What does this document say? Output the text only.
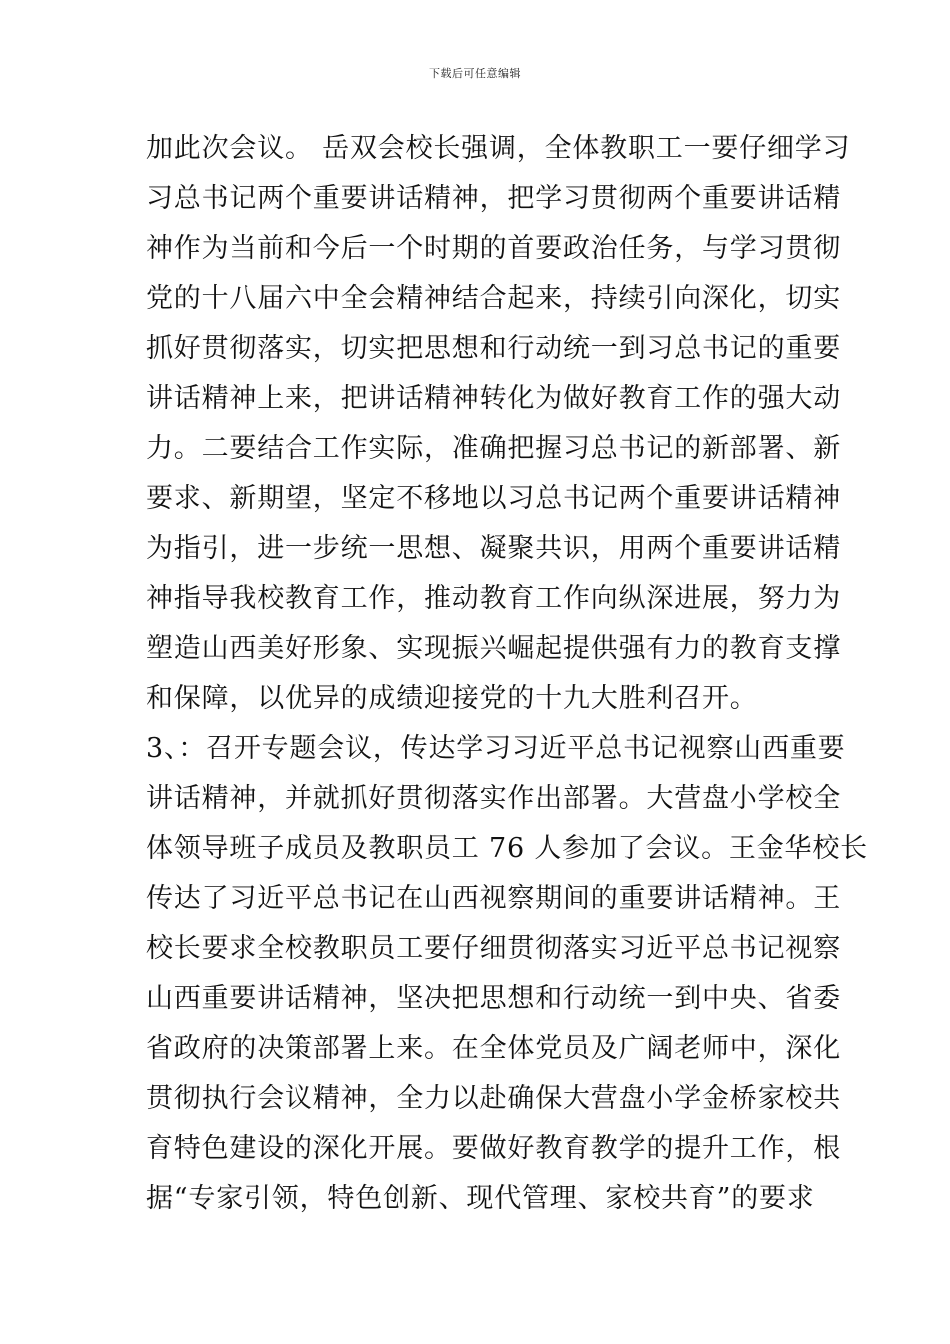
下载后可任意编辑
加此次会议。 岳双会校长强调，全体教职工一要仔细学习
习总书记两个重要讲话精神，把学习贯彻两个重要讲话精
神作为当前和今后一个时期的首要政治任务，与学习贯彻
党的十八届六中全会精神结合起来，持续引向深化，切实
抓好贯彻落实，切实把思想和行动统一到习总书记的重要
讲话精神上来，把讲话精神转化为做好教育工作的强大动
力。二要结合工作实际，准确把握习总书记的新部署、新
要求、新期望，坚定不移地以习总书记两个重要讲话精神
为指引，进一步统一思想、凝聚共识，用两个重要讲话精
神指导我校教育工作，推动教育工作向纵深进展，努力为
塑造山西美好形象、实现振兴崛起提供强有力的教育支撑
和保障，以优异的成绩迎接党的十九大胜利召开。
3、：召开专题会议，传达学习习近平总书记视察山西重要
讲话精神，并就抓好贯彻落实作出部署。大营盘小学校全
体领导班子成员及教职员工 76 人参加了会议。王金华校长
传达了习近平总书记在山西视察期间的重要讲话精神。王
校长要求全校教职员工要仔细贯彻落实习近平总书记视察
山西重要讲话精神，坚决把思想和行动统一到中央、省委
省政府的决策部署上来。在全体党员及广阔老师中，深化
贯彻执行会议精神，全力以赴确保大营盘小学金桥家校共
育特色建设的深化开展。要做好教育教学的提升工作，根
据“专家引领，特色创新、现代管理、家校共育”的要求
